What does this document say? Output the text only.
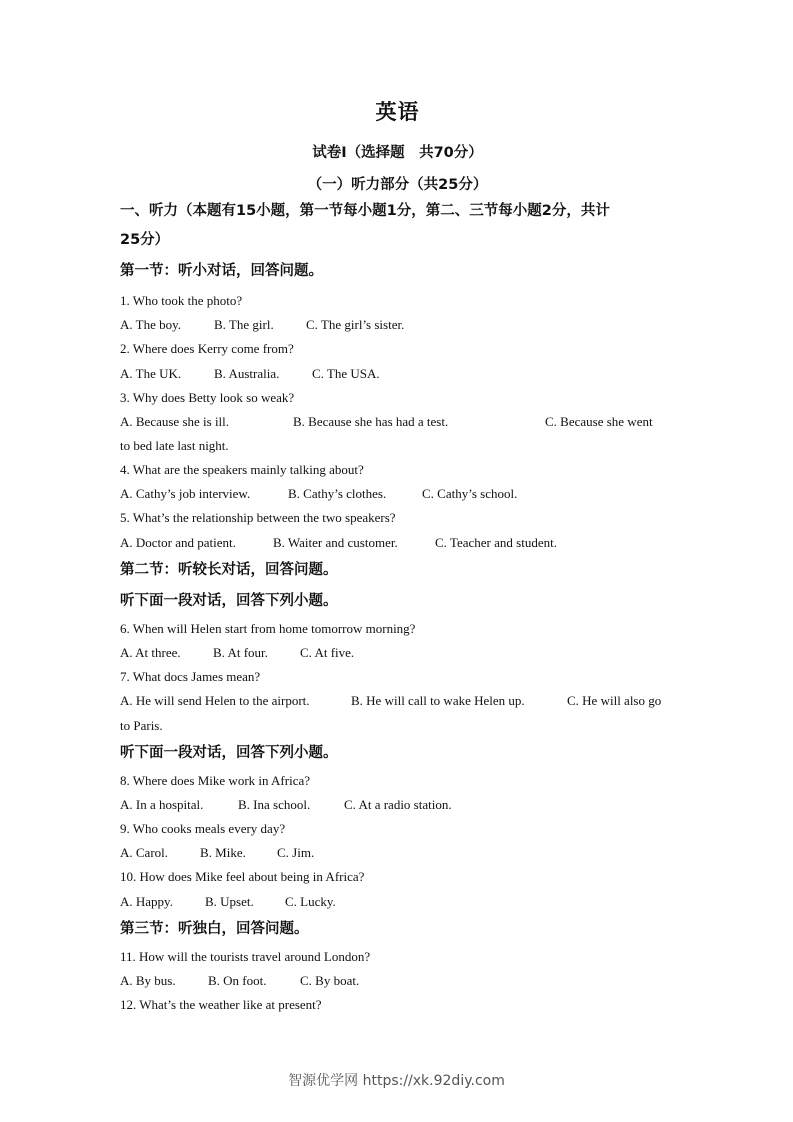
英语
试卷Ⅰ（选择题　共70分）
（一）听力部分（共25分）
一、听力（本题有15小题，第一节每小题1分，第二、三节每小题2分，共计
25分）
第一节：听小对话，回答问题。
1. Who took the photo?
A. The boy.	B. The girl. C. The girl’s sister.
2. Where does Kerry come from?
A. The UK.	B. Australia.	C. The USA.
3. Why does Betty look so weak?
A. Because she is ill.	B. Because she has had a test.	C. Because she went
to bed late last night.
4. What are the speakers mainly talking about?
A. Cathy’s job interview.	B. Cathy’s clothes.	C. Cathy’s school.
5. What’s the relationship between the two speakers?
A. Doctor and patient.	B. Waiter and customer.	C. Teacher and student.
第二节：听较长对话，回答问题。
听下面一段对话，回答下列小题。
6. When will Helen start from home tomorrow morning?
A. At three. B. At four. C. At five.
7. What docs James mean?
A. He will send Helen to the airport.	B. He will call to wake Helen up.	C. He will also go
to Paris.
听下面一段对话，回答下列小题。
8. Where does Mike work in Africa?
A. In a hospital.	B. Ina school.	C. At a radio station.
9. Who cooks meals every day?
A. Carol. B. Mike. C. Jim.
10. How does Mike feel about being in Africa?
A. Happy. B. Upset. C. Lucky.
第三节：听独白，回答问题。
11. How will the tourists travel around London?
A. By bus. B. On foot.	C. By boat.
12. What’s the weather like at present?
智源优学网 https://xk.92diy.com
